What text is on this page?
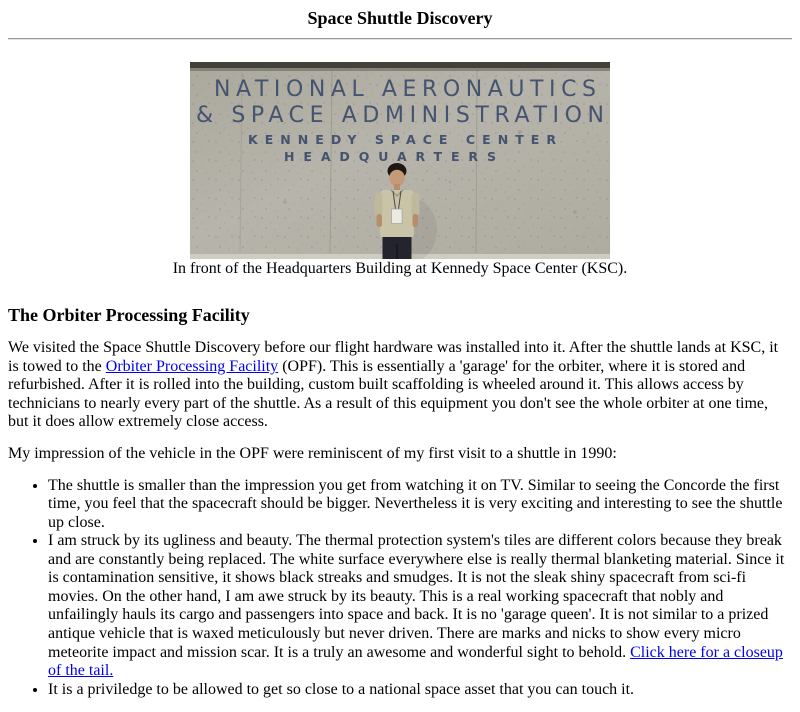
Space Shuttle Discovery
NATIONAL AERONAUTICS
& SPACE ADMINISTRATION
KENNEDY SPACE CENTER
HEADQUARTERS
In front of the Headquarters Building at Kennedy Space Center (KSC).
The Orbiter Processing Facility

We visited the Space Shuttle Discovery before our flight hardware was installed into it. After the shuttle lands at KSC, it is towed to the Orbiter Processing Facility (OPF). This is essentially a 'garage' for the orbiter, where it is stored and refurbished. After it is rolled into the building, custom built scaffolding is wheeled around it. This allows access by technicians to nearly every part of the shuttle. As a result of this equipment you don't see the whole orbiter at one time, but it does allow extremely close access.

My impression of the vehicle in the OPF were reminiscent of my first visit to a shuttle in 1990:

• The shuttle is smaller than the impression you get from watching it on TV. Similar to seeing the Concorde the first time, you feel that the spacecraft should be bigger. Nevertheless it is very exciting and interesting to see the shuttle up close.
• I am struck by its ugliness and beauty. The thermal protection system's tiles are different colors because they break and are constantly being replaced. The white surface everywhere else is really thermal blanketing material. Since it is contamination sensitive, it shows black streaks and smudges. It is not the sleak shiny spacecraft from sci-fi movies. On the other hand, I am awe struck by its beauty. This is a real working spacecraft that nobly and unfailingly hauls its cargo and passengers into space and back. It is no 'garage queen'. It is not similar to a prized antique vehicle that is waxed meticulously but never driven. There are marks and nicks to show every micro meteorite impact and mission scar. It is a truly an awesome and wonderful sight to behold. Click here for a closeup of the tail.
• It is a priviledge to be allowed to get so close to a national space asset that you can touch it.
